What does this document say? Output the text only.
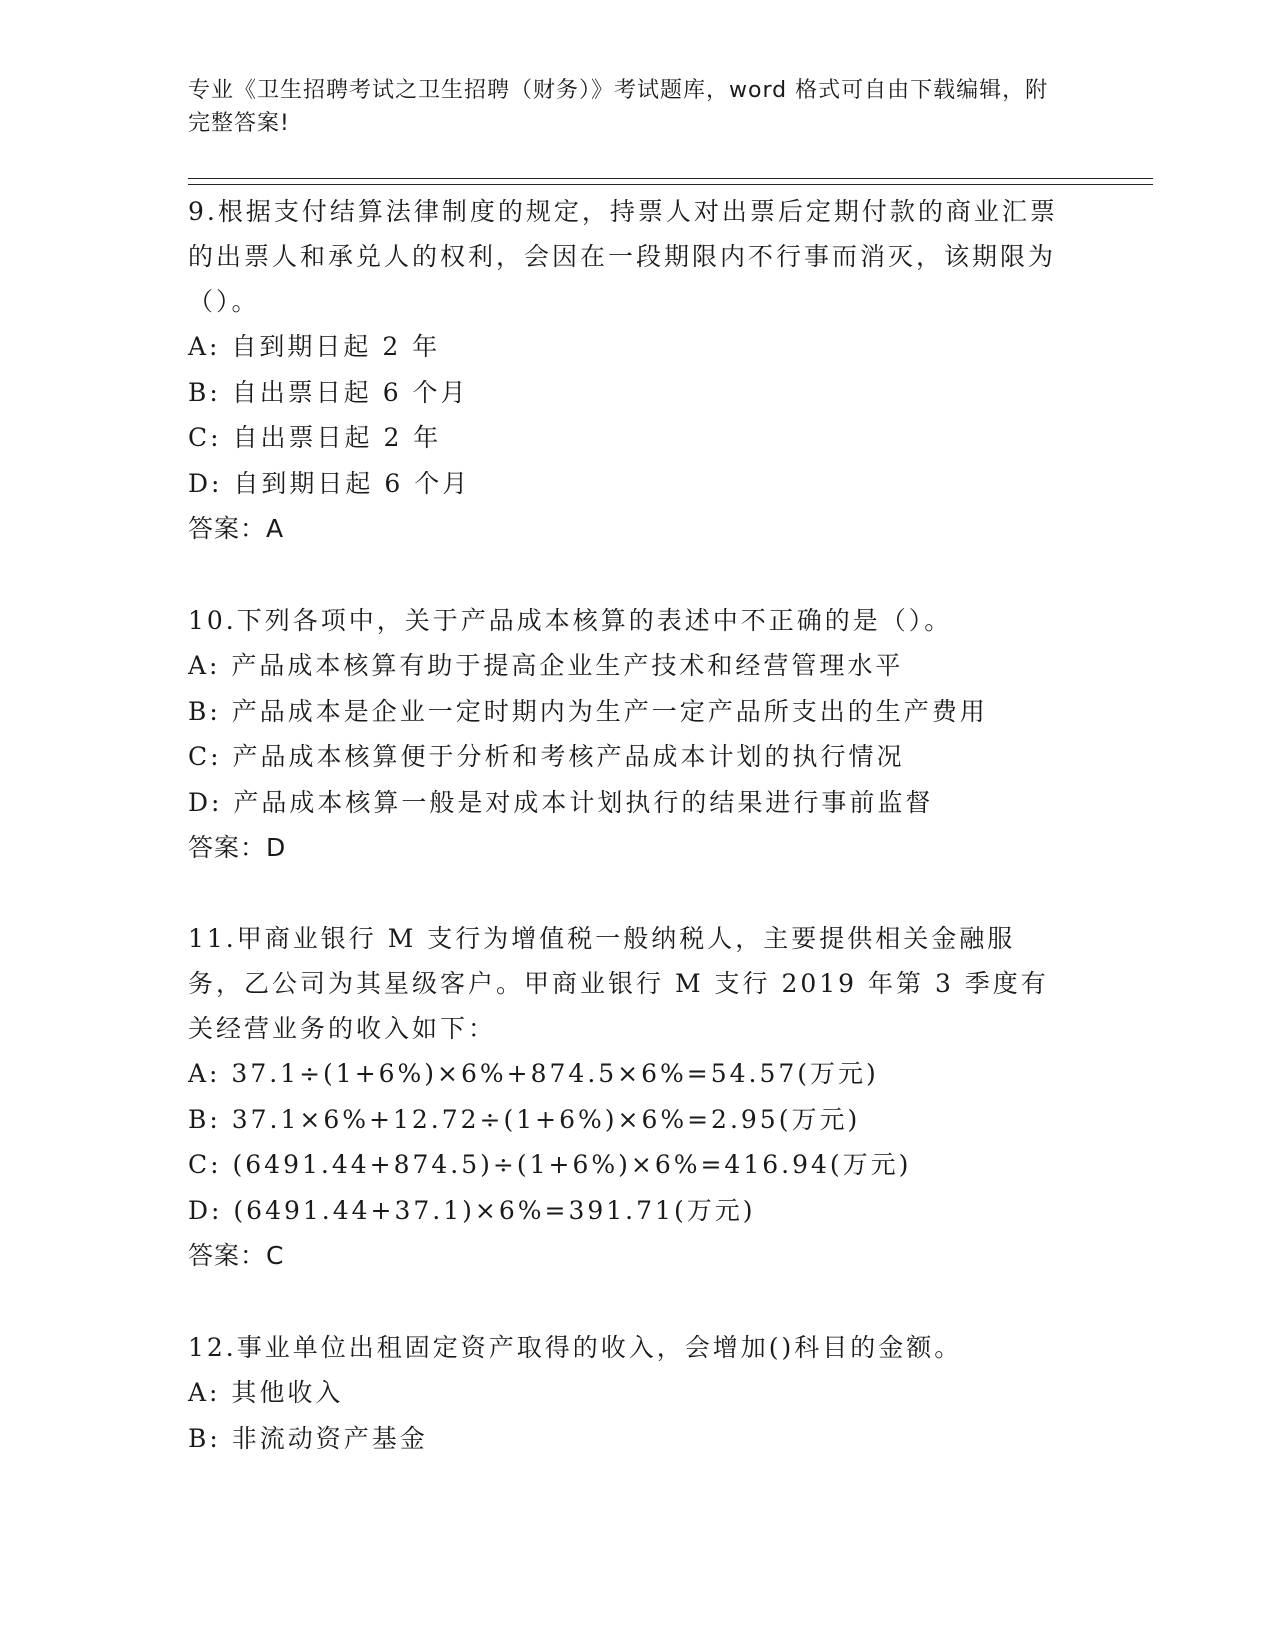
专业《卫生招聘考试之卫生招聘（财务）》考试题库，word 格式可自由下载编辑，附完整答案!

9.根据支付结算法律制度的规定，持票人对出票后定期付款的商业汇票的出票人和承兑人的权利，会因在一段期限内不行事而消灭，该期限为（）。

A: 自到期日起 2 年

B: 自出票日起 6 个月

C: 自出票日起 2 年

D: 自到期日起 6 个月

答案：A

10.下列各项中，关于产品成本核算的表述中不正确的是（）。

A: 产品成本核算有助于提高企业生产技术和经营管理水平

B: 产品成本是企业一定时期内为生产一定产品所支出的生产费用

C: 产品成本核算便于分析和考核产品成本计划的执行情况

D: 产品成本核算一般是对成本计划执行的结果进行事前监督

答案：D

11.甲商业银行 M 支行为增值税一般纳税人，主要提供相关金融服务，乙公司为其星级客户。甲商业银行 M 支行 2019 年第 3 季度有关经营业务的收入如下：

A: 37.1÷(1+6%)×6%+874.5×6%=54.57(万元)

B: 37.1×6%+12.72÷(1+6%)×6%=2.95(万元)

C: (6491.44+874.5)÷(1+6%)×6%=416.94(万元)

D: (6491.44+37.1)×6%=391.71(万元)

答案：C

12.事业单位出租固定资产取得的收入，会增加()科目的金额。

A: 其他收入

B: 非流动资产基金
